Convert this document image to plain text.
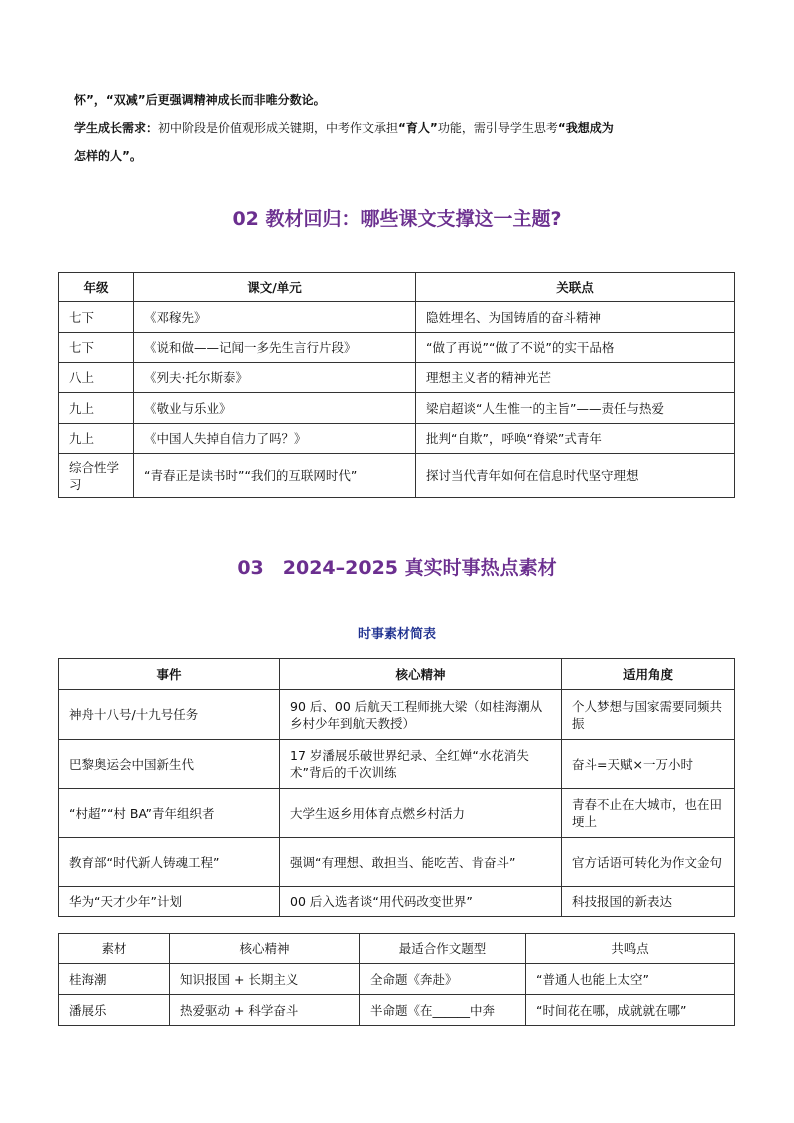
怀”，“双减”后更强调精神成长而非唯分数论。
学生成长需求：初中阶段是价值观形成关键期，中考作文承担“育人”功能，需引导学生思考“我想成为
怎样的人”。
02 教材回归：哪些课文支撑这一主题?
年级	课文/单元	关联点
七下	《邓稼先》	隐姓埋名、为国铸盾的奋斗精神
七下	《说和做——记闻一多先生言行片段》	“做了再说”“做了不说”的实干品格
八上	《列夫·托尔斯泰》	理想主义者的精神光芒
九上	《敬业与乐业》	梁启超谈“人生惟一的主旨”——责任与热爱
九上	《中国人失掉自信力了吗？》	批判“自欺”，呼唤“脊梁”式青年
综合性学习	“青春正是读书时”“我们的互联网时代”	探讨当代青年如何在信息时代坚守理想
03　2024–2025 真实时事热点素材
时事素材简表
事件	核心精神	适用角度
神舟十八号/十九号任务	90 后、00 后航天工程师挑大梁（如桂海潮从乡村少年到航天教授）	个人梦想与国家需要同频共振
巴黎奥运会中国新生代	17 岁潘展乐破世界纪录、全红婵“水花消失术”背后的千次训练	奋斗=天赋×一万小时
“村超”“村 BA”青年组织者	大学生返乡用体育点燃乡村活力	青春不止在大城市，也在田埂上
教育部“时代新人铸魂工程”	强调“有理想、敢担当、能吃苦、肯奋斗”	官方话语可转化为作文金句
华为“天才少年”计划	00 后入选者谈“用代码改变世界”	科技报国的新表达
素材	核心精神	最适合作文题型	共鸣点
桂海潮	知识报国 + 长期主义	全命题《奔赴》	“普通人也能上太空”
潘展乐	热爱驱动 + 科学奋斗	半命题《在______中奔	“时间花在哪，成就就在哪”
